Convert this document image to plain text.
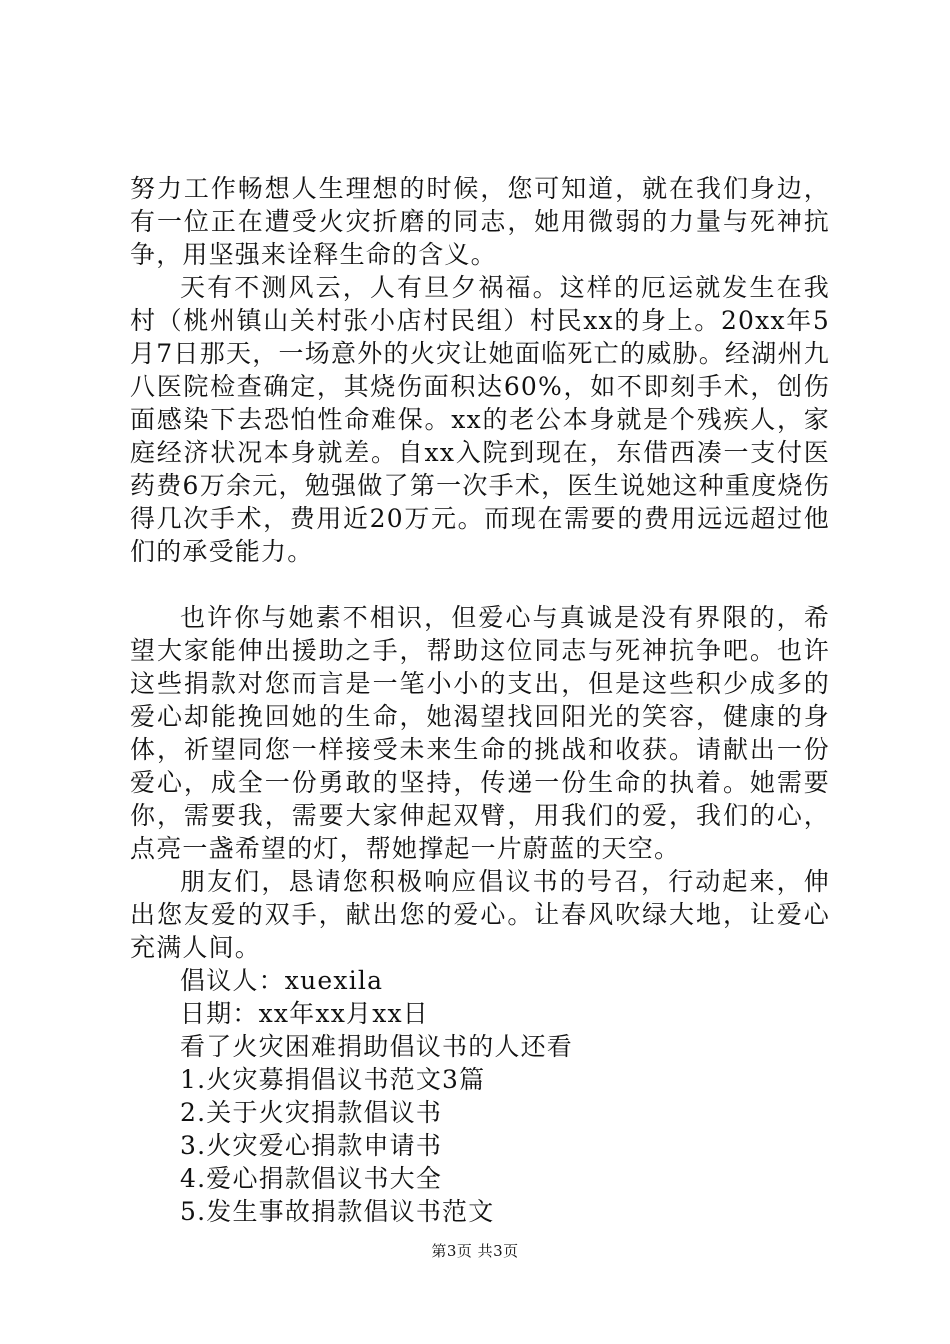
努力工作畅想人生理想的时候，您可知道，就在我们身边，有一位正在遭受火灾折磨的同志，她用微弱的力量与死神抗争，用坚强来诠释生命的含义。

天有不测风云，人有旦夕祸福。这样的厄运就发生在我村（桃州镇山关村张小店村民组）村民xx的身上。20xx年5月7日那天，一场意外的火灾让她面临死亡的威胁。经湖州九八医院检查确定，其烧伤面积达60%，如不即刻手术，创伤面感染下去恐怕性命难保。xx的老公本身就是个残疾人，家庭经济状况本身就差。自xx入院到现在，东借西凑一支付医药费6万余元，勉强做了第一次手术，医生说她这种重度烧伤得几次手术，费用近20万元。而现在需要的费用远远超过他们的承受能力。

也许你与她素不相识，但爱心与真诚是没有界限的，希望大家能伸出援助之手，帮助这位同志与死神抗争吧。也许这些捐款对您而言是一笔小小的支出，但是这些积少成多的爱心却能挽回她的生命，她渴望找回阳光的笑容，健康的身体，祈望同您一样接受未来生命的挑战和收获。请献出一份爱心，成全一份勇敢的坚持，传递一份生命的执着。她需要你，需要我，需要大家伸起双臂，用我们的爱，我们的心，点亮一盏希望的灯，帮她撑起一片蔚蓝的天空。

朋友们，恳请您积极响应倡议书的号召，行动起来，伸出您友爱的双手，献出您的爱心。让春风吹绿大地，让爱心充满人间。

倡议人：xuexila

日期：xx年xx月xx日

看了火灾困难捐助倡议书的人还看

1.火灾募捐倡议书范文3篇

2.关于火灾捐款倡议书

3.火灾爱心捐款申请书

4.爱心捐款倡议书大全

5.发生事故捐款倡议书范文

第3页 共3页
